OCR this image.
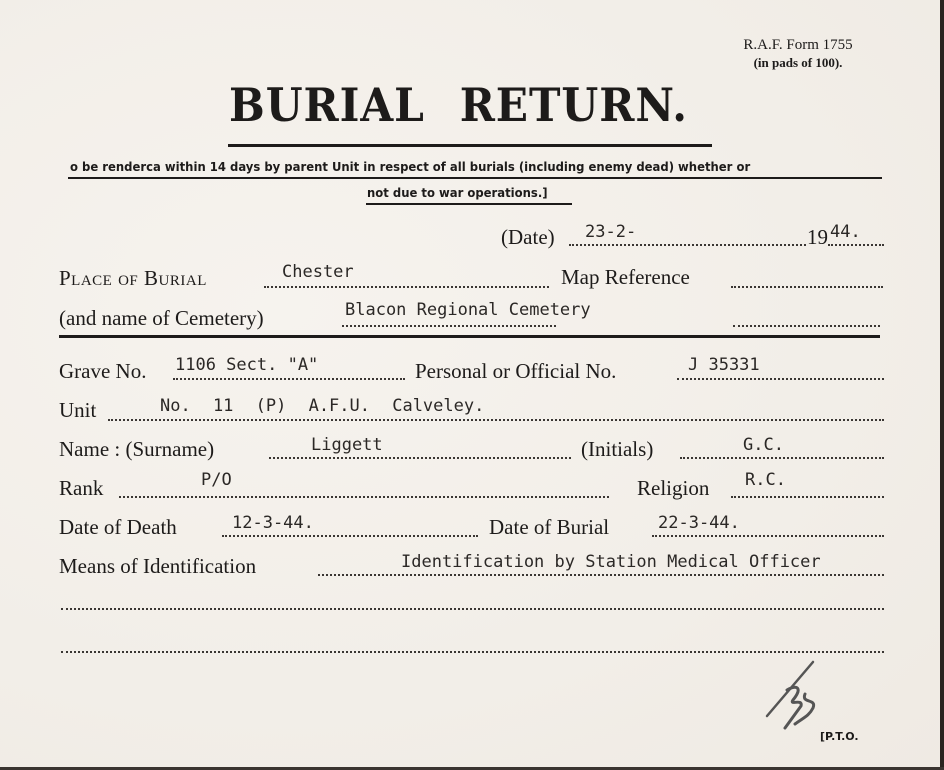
R.A.F. Form 1755
(in pads of 100).
BURIAL RETURN.
o be renderca within 14 days by parent Unit in respect of all burials (including enemy dead) whether or
not due to war operations.]
(Date) 23-2-	19 44.
Place of Burial	Chester	Map Reference
(and name of Cemetery)	Blacon Regional Cemetery
Grave No. 1106 Sect. "A"	Personal or Official No.	J 35331
Unit	No. 11 (P) A.F.U. Calveley.
Name : (Surname)	Liggett	(Initials)	G.C.
Rank	P/O	Religion R.C.
Date of Death	12-3-44.	Date of Burial	22-3-44.
Means of Identification	Identification by Station Medical Officer
[P.T.O.
